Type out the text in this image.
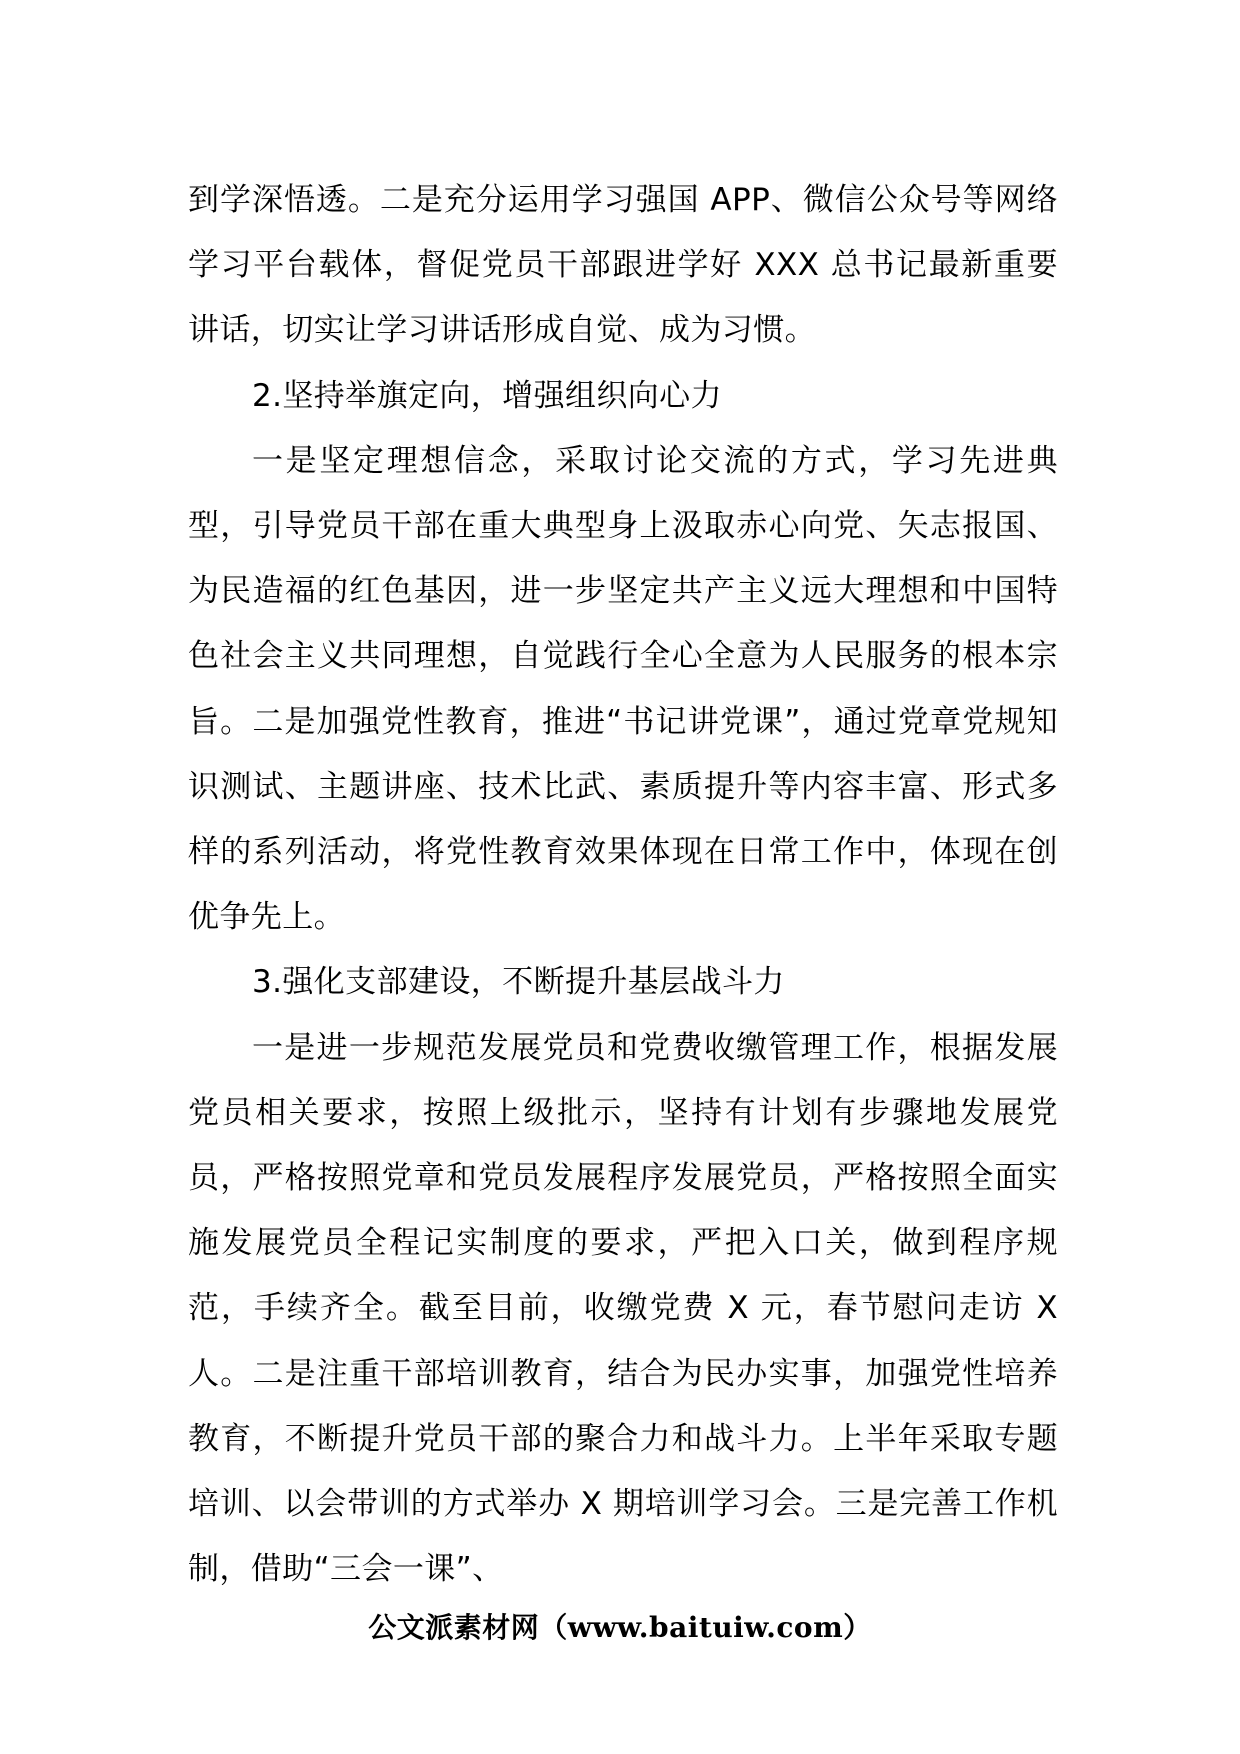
到学深悟透。二是充分运用学习强国 APP、微信公众号等网络学习平台载体，督促党员干部跟进学好 XXX 总书记最新重要讲话，切实让学习讲话形成自觉、成为习惯。

2.坚持举旗定向，增强组织向心力

一是坚定理想信念，采取讨论交流的方式，学习先进典型，引导党员干部在重大典型身上汲取赤心向党、矢志报国、为民造福的红色基因，进一步坚定共产主义远大理想和中国特色社会主义共同理想，自觉践行全心全意为人民服务的根本宗旨。二是加强党性教育，推进“书记讲党课”，通过党章党规知识测试、主题讲座、技术比武、素质提升等内容丰富、形式多样的系列活动，将党性教育效果体现在日常工作中，体现在创优争先上。

3.强化支部建设，不断提升基层战斗力

一是进一步规范发展党员和党费收缴管理工作，根据发展党员相关要求，按照上级批示，坚持有计划有步骤地发展党员，严格按照党章和党员发展程序发展党员，严格按照全面实施发展党员全程记实制度的要求，严把入口关，做到程序规范，手续齐全。截至目前，收缴党费 X 元，春节慰问走访 X 人。二是注重干部培训教育，结合为民办实事，加强党性培养教育，不断提升党员干部的聚合力和战斗力。上半年采取专题培训、以会带训的方式举办 X 期培训学习会。三是完善工作机制，借助“三会一课”、

公文派素材网（www.baituiw.com）
